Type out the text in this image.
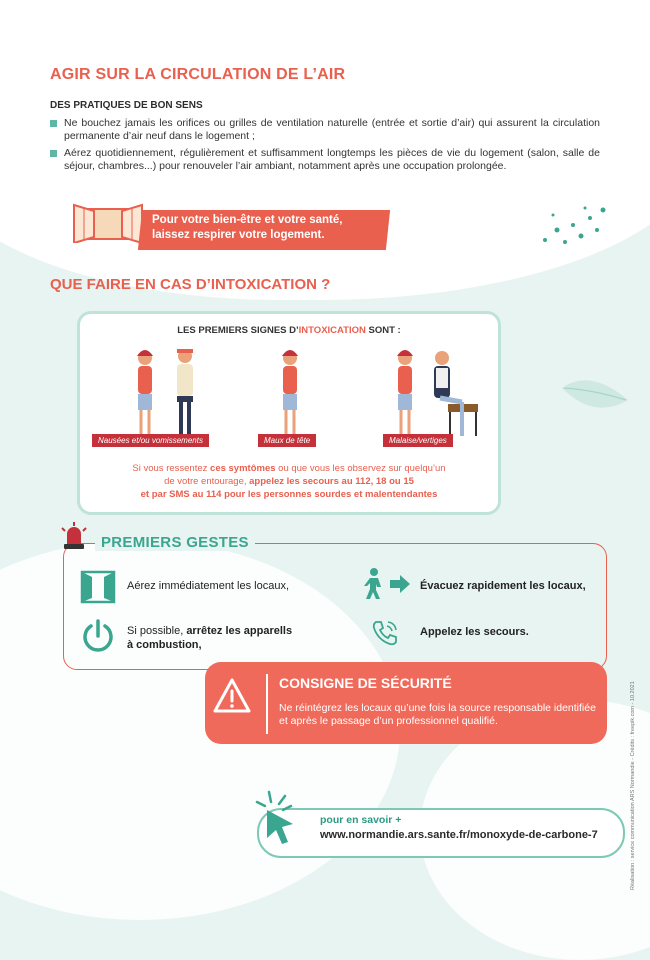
AGIR SUR LA CIRCULATION DE L’AIR
DES PRATIQUES DE BON SENS
Ne bouchez jamais les orifices ou grilles de ventilation naturelle (entrée et sortie d’air) qui assurent la circulation permanente d’air neuf dans le logement ;
Aérez quotidiennement, régulièrement et suffisamment longtemps les pièces de vie du logement (salon, salle de séjour, chambres...) pour renouveler l’air ambiant, notamment après une occupation prolongée.
Pour votre bien-être et votre santé,
laissez respirer votre logement.
QUE FAIRE EN CAS D’INTOXICATION ?
LES PREMIERS SIGNES D’INTOXICATION SONT :
Nausées et/ou vomissements	Maux de tête	Malaise/vertiges
Si vous ressentez ces symtômes ou que vous les observez sur quelqu’un
de votre entourage, appelez les secours au 112, 18 ou 15
et par SMS au 114 pour les personnes sourdes et malentendantes
PREMIERS GESTES
Aérez immédiatement les locaux,	Évacuez rapidement les locaux,
Si possible, arrêtez les apparells
à combustion,
Appelez les secours.
CONSIGNE DE SÉCURITÉ
Ne réintégrez les locaux qu’une fois la source responsable identifiée et après le passage d’un professionnel qualifié.
pour en savoir +
www.normandie.ars.sante.fr/monoxyde-de-carbone-7	Réalisation : service communication ARS Normandie - Crédits : freepik.com - 10.2021
